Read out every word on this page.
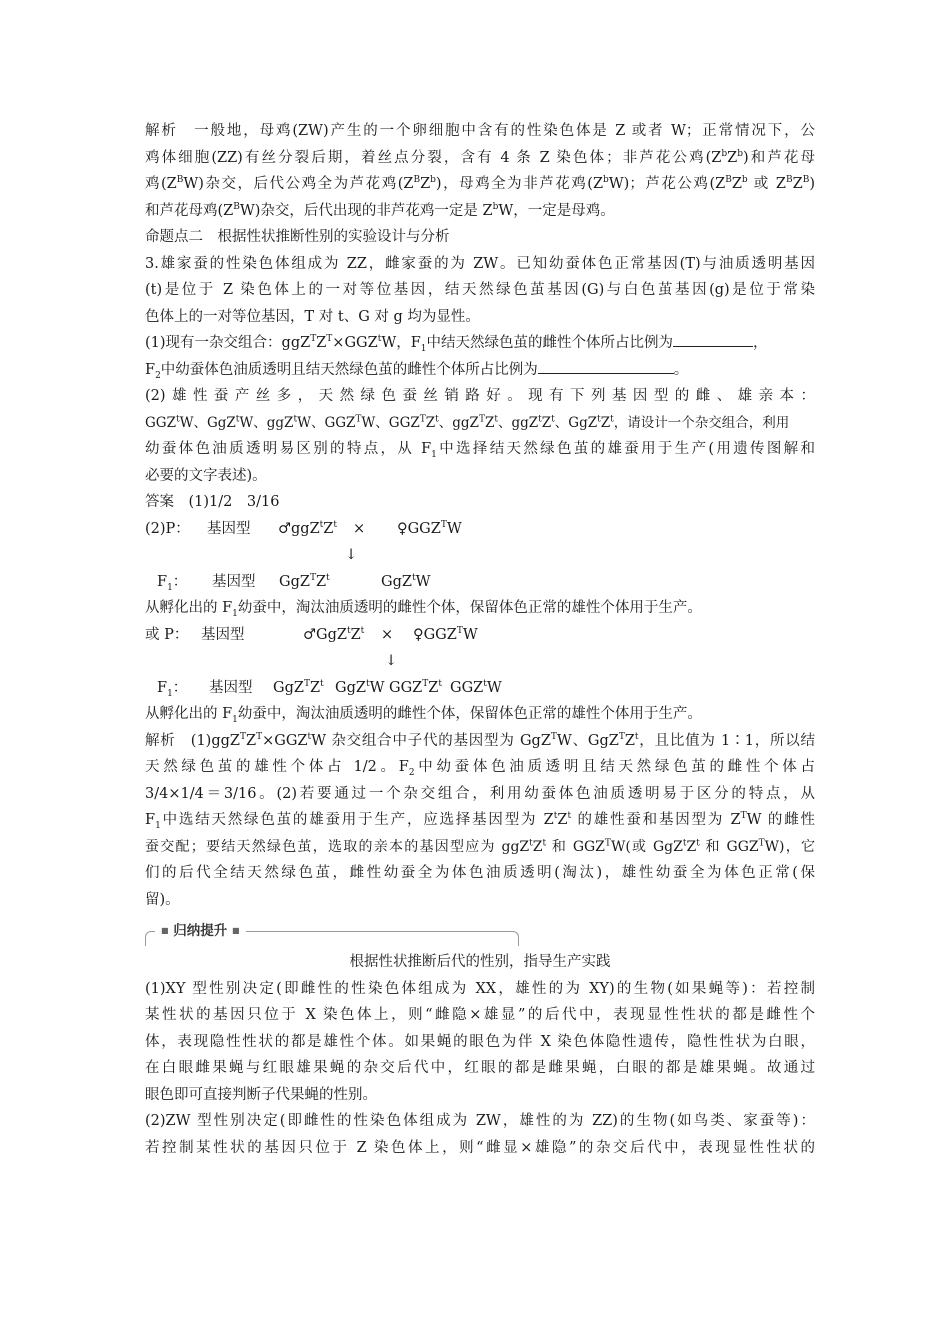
解析　一般地，母鸡(ZW)产生的一个卵细胞中含有的性染色体是 Z 或者 W；正常情况下，公
鸡体细胞(ZZ)有丝分裂后期，着丝点分裂，含有 4 条 Z 染色体；非芦花公鸡$(Z^bZ^b)$和芦花母
鸡$(Z^BW)$杂交，后代公鸡全为芦花鸡$(Z^BZ^b)$，母鸡全为非芦花鸡$(Z^bW)$；芦花公鸡($Z^BZ^b$ 或 $Z^BZ^B$)
和芦花母鸡$(Z^BW)$杂交，后代出现的非芦花鸡一定是 $Z^bW$，一定是母鸡。
命题点二　根据性状推断性别的实验设计与分析
3.雄家蚕的性染色体组成为 ZZ，雌家蚕的为 ZW。已知幼蚕体色正常基因(T)与油质透明基因
(t)是位于 Z 染色体上的一对等位基因，结天然绿色茧基因(G)与白色茧基因(g)是位于常染
色体上的一对等位基因，T 对 t、G 对 g 均为显性。
(1)现有一杂交组合：$ggZ^TZ^T\times GGZ^tW$，$F_1$中结天然绿色茧的雌性个体所占比例为	，
$F_2$中幼蚕体色油质透明且结天然绿色茧的雌性个体所占比例为	。
(2)雄性蚕产丝多，天然绿色蚕丝销路好。现有下列基因型的雌、雄亲本：
GGZ$^t$W、GgZ$^t$W、ggZ$^t$W、$GGZ^TW$、$GGZ^TZ^t$、$ggZ^TZ^t$、$ggZ^tZ^t$、$GgZ^tZ^t$，请设计一个杂交组合，利用
幼蚕体色油质透明易区别的特点，从 $F_1$中选择结天然绿色茧的雄蚕用于生产(用遗传图解和
必要的文字表述)。
答案　(1)1/2　3/16
(2)P： 基因型 $♂ggZ^tZ^t$ × $♀GGZ^TW$
↓
$F_1$： 基因型 $GgZ^TZ^t$	GgZ$^t$W
从孵化出的 $F_1$幼蚕中，淘汰油质透明的雌性个体，保留体色正常的雄性个体用于生产。
或 P： 基因型	$♂GgZ^tZ^t$ × $♀GGZ^TW$
↓
$F_1$： 基因型 $GgZ^TZ^t$ GgZ$^t$W $GGZ^TZ^t$ GGZ$^t$W
从孵化出的 $F_1$幼蚕中，淘汰油质透明的雌性个体，保留体色正常的雄性个体用于生产。
解析　$(1)ggZ^TZ^T\times GGZ^tW$ 杂交组合中子代的基因型为 GgZ$^T$W、$GgZ^TZ^t$，且比值为 1∶1，所以结
天然绿色茧的雄性个体占 1/2。$F_2$中幼蚕体色油质透明且结天然绿色茧的雌性个体占
3/4×1/4＝3/16。(2)若要通过一个杂交组合，利用幼蚕体色油质透明易于区分的特点，从
$F_1$中选结天然绿色茧的雄蚕用于生产，应选择基因型为 $Z^tZ^t$ 的雄性蚕和基因型为 $Z^TW$ 的雌性
蚕交配；要结天然绿色茧，选取的亲本的基因型应为 $ggZ^tZ^t$ 和 $GGZ^TW$(或 $GgZ^tZ^t$ 和 $GGZ^TW$)，它
们的后代全结天然绿色茧，雌性幼蚕全为体色油质透明(淘汰)，雄性幼蚕全为体色正常(保
留)。
■ 归纳提升 ■
根据性状推断后代的性别，指导生产实践
(1)XY 型性别决定(即雌性的性染色体组成为 XX，雄性的为 XY)的生物(如果蝇等)：若控制
某性状的基因只位于 X 染色体上，则“雌隐×雄显”的后代中，表现显性性状的都是雌性个
体，表现隐性性状的都是雄性个体。如果蝇的眼色为伴 X 染色体隐性遗传，隐性性状为白眼，
在白眼雌果蝇与红眼雄果蝇的杂交后代中，红眼的都是雌果蝇，白眼的都是雄果蝇。故通过
眼色即可直接判断子代果蝇的性别。
(2)ZW 型性别决定(即雌性的性染色体组成为 ZW，雄性的为 ZZ)的生物(如鸟类、家蚕等)：
若控制某性状的基因只位于 Z 染色体上，则“雌显×雄隐”的杂交后代中，表现显性性状的
